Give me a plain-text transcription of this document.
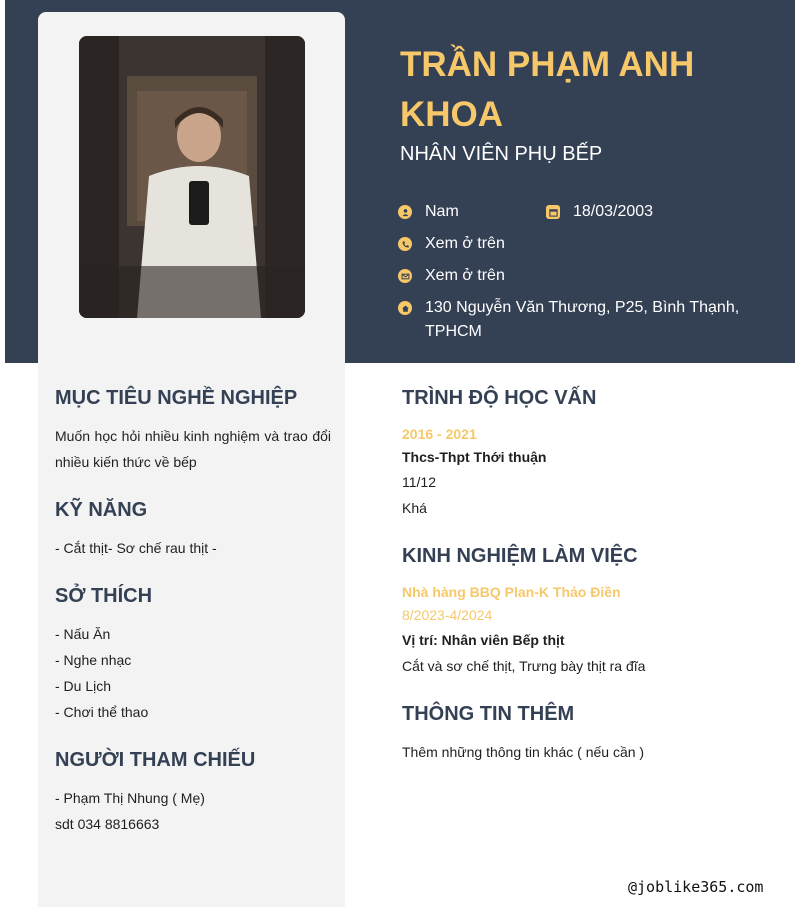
TRẦN PHẠM ANH KHOA

NHÂN VIÊN PHỤ BẾP

Nam	18/03/2003
Xem ở trên
Xem ở trên
130 Nguyễn Văn Thương, P25, Bình Thạnh, TPHCM
MỤC TIÊU NGHỀ NGHIỆP

Muốn học hỏi nhiều kinh nghiệm và trao đổi nhiều kiến thức về bếp

KỸ NĂNG

- Cắt thịt- Sơ chế rau thịt -

SỞ THÍCH

- Nấu Ăn

- Nghe nhạc

- Du Lịch

- Chơi thể thao

NGƯỜI THAM CHIẾU

- Phạm Thị Nhung ( Mẹ)

sdt 034 8816663

TRÌNH ĐỘ HỌC VẤN

2016 - 2021

Thcs-Thpt Thới thuận

11/12

Khá

KINH NGHIỆM LÀM VIỆC

Nhà hàng BBQ Plan-K Thảo Điền

8/2023-4/2024

Vị trí: Nhân viên Bếp thịt

Cắt và sơ chế thịt, Trưng bày thịt ra đĩa

THÔNG TIN THÊM

Thêm những thông tin khác ( nếu cần )

@joblike365.com
